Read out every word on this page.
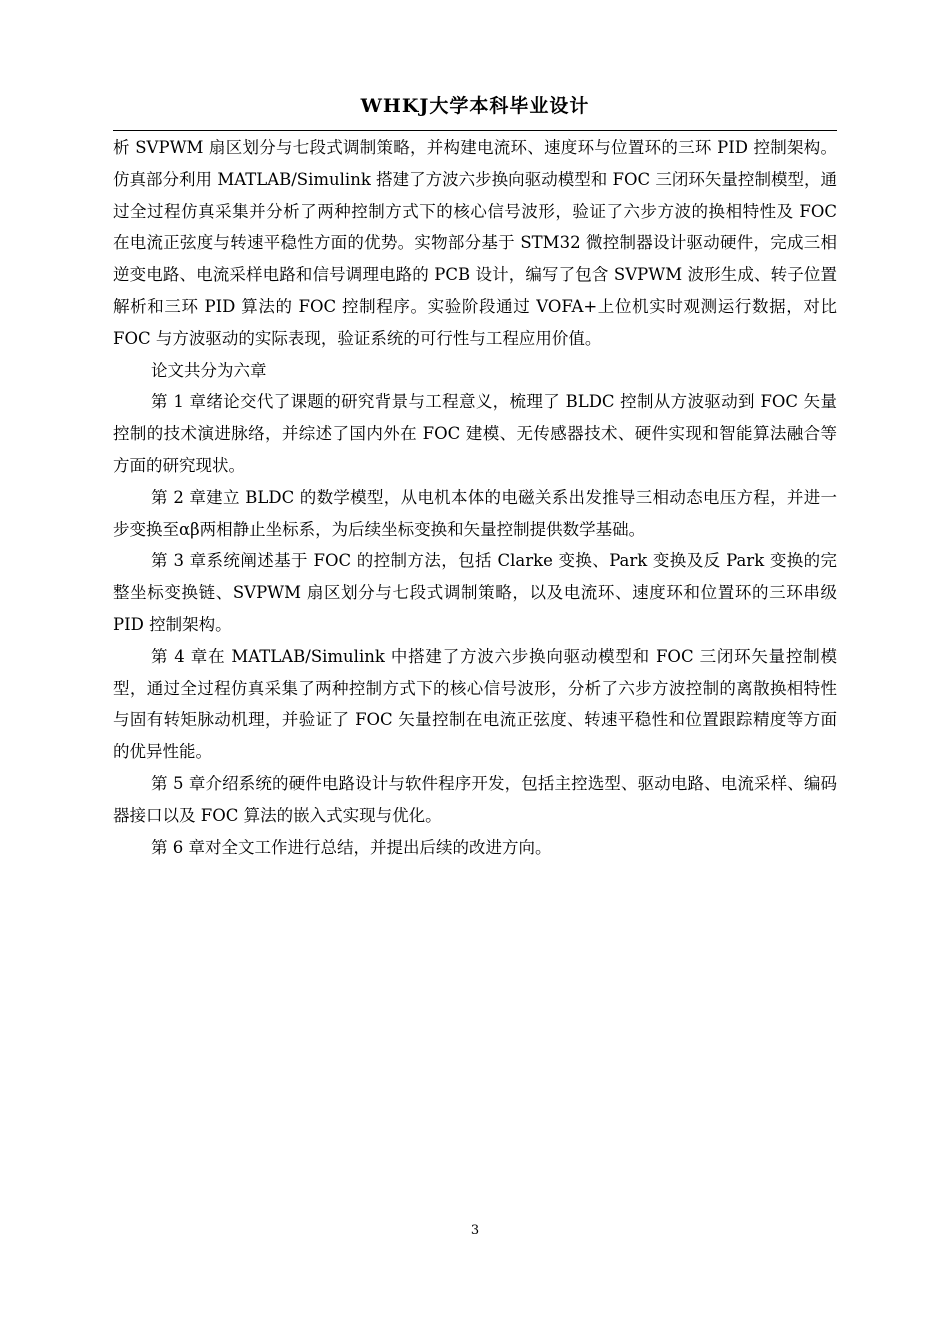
WHKJ大学本科毕业设计

析 SVPWM 扇区划分与七段式调制策略，并构建电流环、速度环与位置环的三环 PID 控制架构。仿真部分利用 MATLAB/Simulink 搭建了方波六步换向驱动模型和 FOC 三闭环矢量控制模型，通过全过程仿真采集并分析了两种控制方式下的核心信号波形，验证了六步方波的换相特性及 FOC 在电流正弦度与转速平稳性方面的优势。实物部分基于 STM32 微控制器设计驱动硬件，完成三相逆变电路、电流采样电路和信号调理电路的 PCB 设计，编写了包含 SVPWM 波形生成、转子位置解析和三环 PID 算法的 FOC 控制程序。实验阶段通过 VOFA+上位机实时观测运行数据，对比 FOC 与方波驱动的实际表现，验证系统的可行性与工程应用价值。

论文共分为六章

第 1 章绪论交代了课题的研究背景与工程意义，梳理了 BLDC 控制从方波驱动到 FOC 矢量控制的技术演进脉络，并综述了国内外在 FOC 建模、无传感器技术、硬件实现和智能算法融合等方面的研究现状。

第 2 章建立 BLDC 的数学模型，从电机本体的电磁关系出发推导三相动态电压方程，并进一步变换至αβ两相静止坐标系，为后续坐标变换和矢量控制提供数学基础。

第 3 章系统阐述基于 FOC 的控制方法，包括 Clarke 变换、Park 变换及反 Park 变换的完整坐标变换链、SVPWM 扇区划分与七段式调制策略，以及电流环、速度环和位置环的三环串级 PID 控制架构。

第 4 章在 MATLAB/Simulink 中搭建了方波六步换向驱动模型和 FOC 三闭环矢量控制模型，通过全过程仿真采集了两种控制方式下的核心信号波形，分析了六步方波控制的离散换相特性与固有转矩脉动机理，并验证了 FOC 矢量控制在电流正弦度、转速平稳性和位置跟踪精度等方面的优异性能。

第 5 章介绍系统的硬件电路设计与软件程序开发，包括主控选型、驱动电路、电流采样、编码器接口以及 FOC 算法的嵌入式实现与优化。

第 6 章对全文工作进行总结，并提出后续的改进方向。

3
